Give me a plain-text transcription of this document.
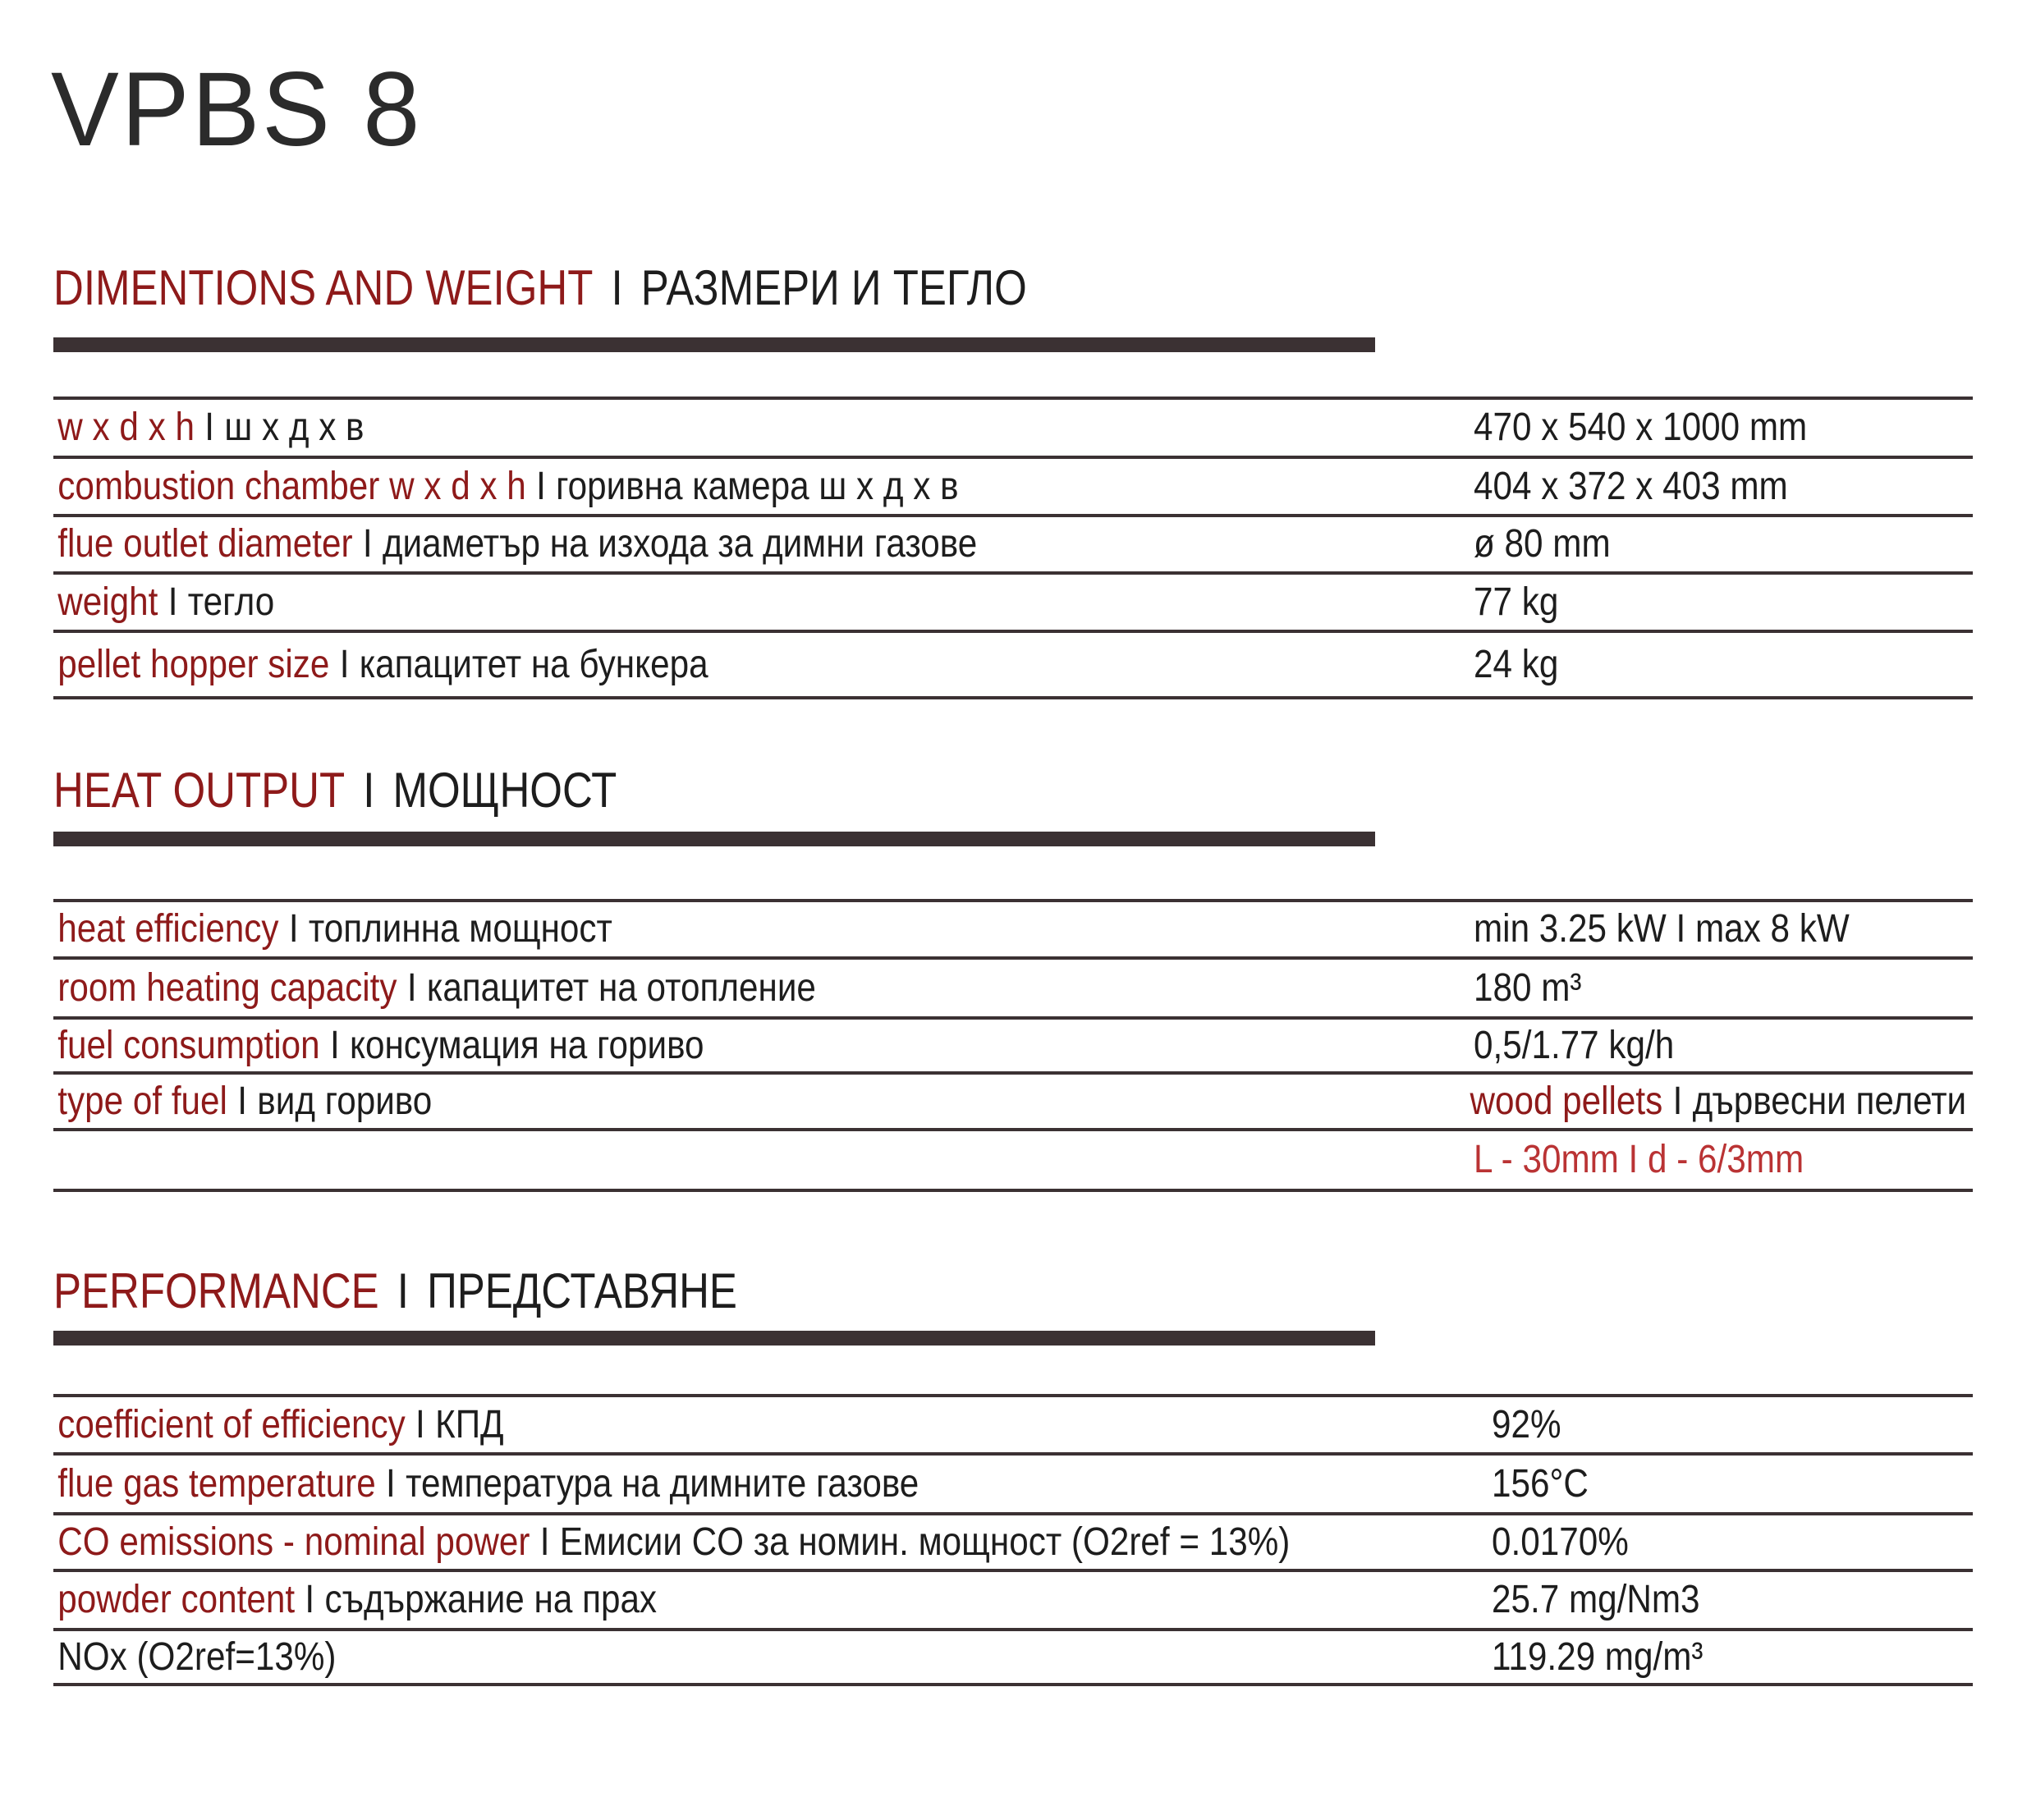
VPBS 8
DIMENTIONS AND WEIGHT I РАЗМЕРИ И ТЕГЛО
w x d x h I ш х д х в	470 x 540 x 1000 mm
combustion chamber w x d x h I горивна камера ш х д х в	404 x 372 x 403 mm
flue outlet diameter I диаметър на изхода за димни газове	ø 80 mm
weight I тегло	77 kg
pellet hopper size I капацитет на бункера	24 kg
HEAT OUTPUT I МОЩНОСТ
heat efficiency I топлинна мощност	min 3.25 kW I max 8 kW
room heating capacity I капацитет на отопление	180 m³
fuel consumption I консумация на гориво	0,5/1.77 kg/h
type of fuel I вид гориво	wood pellets I дървесни пелети
L - 30mm I d - 6/3mm
PERFORMANCE I ПРЕДСТАВЯНЕ
coefficient of efficiency I КПД	92%
flue gas temperature I температура на димните газове	156°C
CO emissions - nominal power I Емисии CO за номин. мощност (O2ref = 13%)	0.0170%
powder content I съдържание на прах	25.7 mg/Nm3
NOx (O2ref=13%)	119.29 mg/m³
